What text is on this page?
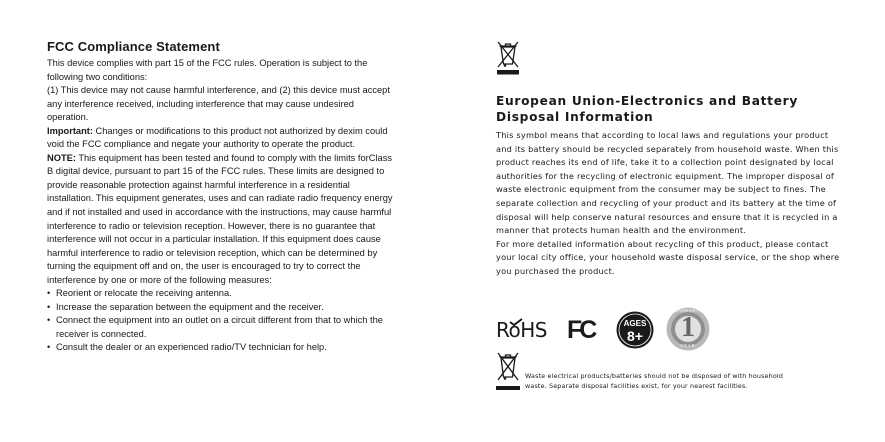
FCC Compliance Statement

This device complies with part 15 of the FCC rules. Operation is subject to the following two conditions:

(1) This device may not cause harmful interference, and (2) this device must accept any interference received, including interference that may cause undesired operation.

Important: Changes or modifications to this product not authorized by dexim could void the FCC compliance and negate your authority to operate the product.

NOTE: This equipment has been tested and found to comply with the limits forClass B digital device, pursuant to part 15 of the FCC rules. These limits are designed to provide reasonable protection against harmful interference in a residential installation. This equipment generates, uses and can radiate radio frequency energy and if not installed and used in accordance with the instructions, may cause harmful interference to radio or television reception. However, there is no guarantee that interference will not occur in a particular installation. If this equipment does cause harmful interference to radio or television reception, which can be determined by turning the equipment off and on, the user is encouraged to try to correct the interference by one or more of the following measures:

• Reorient or relocate the receiving antenna.
• Increase the separation between the equipment and the receiver.
• Connect the equipment into an outlet on a circuit different from that to which the receiver is connected.
• Consult the dealer or an experienced radio/TV technician for help.
European Union-Electronics and Battery Disposal Information

This symbol means that according to local laws and regulations your product and its battery should be recycled separately from household waste. When this product reaches its end of life, take it to a collection point designated by local authorities for the recycling of electronic equipment. The improper disposal of waste electronic equipment from the consumer may be subject to fines. The separate collection and recycling of your product and its battery at the time of disposal will help conserve natural resources and ensure that it is recycled in a manner that protects human health and the environment.

For more detailed information about recycling of this product, please contact your local city office, your household waste disposal service, or the shop where you purchased the product.

RoHS FC	AGES
8+
WARRANTY
1
YEAR
Waste electrical products/batteries should not be disposed of with household
waste. Separate disposal facilities exist, for your nearest facilities.
